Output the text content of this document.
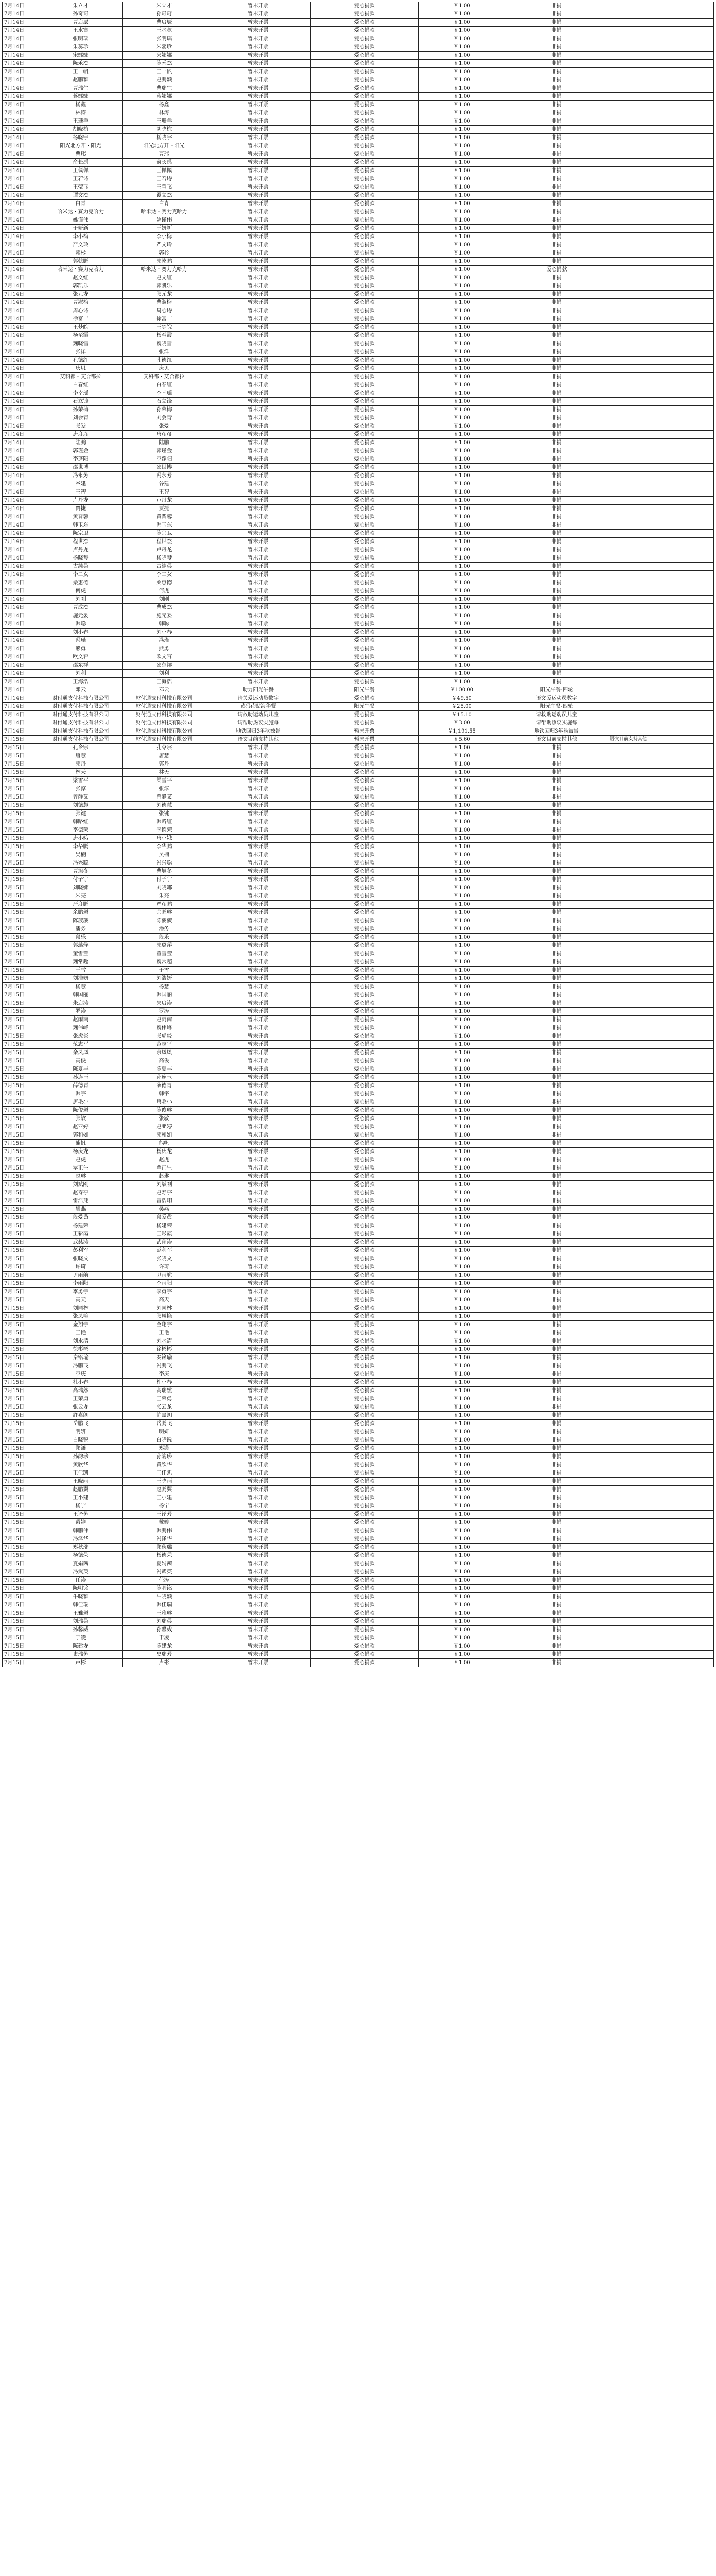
7月14日	朱立才	朱立才	暂未开票	爱心捐款	￥1.00	非捐	
7月14日	孙奇奇	孙奇奇	暂未开票	爱心捐款	￥1.00	非捐	
7月14日	曹启辰	曹启辰	暂未开票	爱心捐款	￥1.00	非捐	
7月14日	王水宽	王水宽	暂未开票	爱心捐款	￥1.00	非捐	
7月14日	张明瑶	张明瑶	暂未开票	爱心捐款	￥1.00	非捐	
7月14日	朱蕊珍	朱蕊珍	暂未开票	爱心捐款	￥1.00	非捐	
7月14日	宋娜娜	宋娜娜	暂未开票	爱心捐款	￥1.00	非捐	
7月14日	陈禾杰	陈禾杰	暂未开票	爱心捐款	￥1.00	非捐	
7月14日	王一帆	王一帆	暂未开票	爱心捐款	￥1.00	非捐	
7月14日	赵鹏颖	赵鹏颖	暂未开票	爱心捐款	￥1.00	非捐	
7月14日	曹瑞生	曹瑞生	暂未开票	爱心捐款	￥1.00	非捐	
7月14日	蒋娜娜	蒋娜娜	暂未开票	爱心捐款	￥1.00	非捐	
7月14日	杨鑫	杨鑫	暂未开票	爱心捐款	￥1.00	非捐	
7月14日	林涛	林涛	暂未开票	爱心捐款	￥1.00	非捐	
7月14日	王珊羊	王珊羊	暂未开票	爱心捐款	￥1.00	非捐	
7月14日	胡晓杭	胡晓杭	暂未开票	爱心捐款	￥1.00	非捐	
7月14日	杨晓宇	杨晓宇	暂未开票	爱心捐款	￥1.00	非捐	
7月14日	阳光北方开・阳光	阳光北方开・阳光	暂未开票	爱心捐款	￥1.00	非捐	
7月14日	曹玮	曹玮	暂未开票	爱心捐款	￥1.00	非捐	
7月14日	俞长禹	俞长禹	暂未开票	爱心捐款	￥1.00	非捐	
7月14日	王佩佩	王佩佩	暂未开票	爱心捐款	￥1.00	非捐	
7月14日	王若诗	王若诗	暂未开票	爱心捐款	￥1.00	非捐	
7月14日	王莹飞	王莹飞	暂未开票	爱心捐款	￥1.00	非捐	
7月14日	谭文杰	谭文杰	暂未开票	爱心捐款	￥1.00	非捐	
7月14日	白青	白青	暂未开票	爱心捐款	￥1.00	非捐	
7月14日	哈米达・赛力克哈力	哈米达・赛力克哈力	暂未开票	爱心捐款	￥1.00	非捐	
7月14日	姚谨伟	姚谨伟	暂未开票	爱心捐款	￥1.00	非捐	
7月14日	于妍新	于妍新	暂未开票	爱心捐款	￥1.00	非捐	
7月14日	李小梅	李小梅	暂未开票	爱心捐款	￥1.00	非捐	
7月14日	严文玲	严文玲	暂未开票	爱心捐款	￥1.00	非捐	
7月14日	郭杉	郭杉	暂未开票	爱心捐款	￥1.00	非捐	
7月14日	郭乾鹏	郭乾鹏	暂未开票	爱心捐款	￥1.00	非捐	
7月14日	哈米达・赛力克哈力	哈米达・赛力克哈力	暂未开票	爱心捐款	￥1.00	爱心捐款	
7月14日	赵文红	赵文红	暂未开票	爱心捐款	￥1.00	非捐	
7月14日	郭凯乐	郭凯乐	暂未开票	爱心捐款	￥1.00	非捐	
7月14日	张元龙	张元龙	暂未开票	爱心捐款	￥1.00	非捐	
7月14日	曹淑梅	曹淑梅	暂未开票	爱心捐款	￥1.00	非捐	
7月14日	周心诗	周心诗	暂未开票	爱心捐款	￥1.00	非捐	
7月14日	徐富丰	徐富丰	暂未开票	爱心捐款	￥1.00	非捐	
7月14日	王梦皖	王梦皖	暂未开票	爱心捐款	￥1.00	非捐	
7月14日	杨至霞	杨至霞	暂未开票	爱心捐款	￥1.00	非捐	
7月14日	魏晓雪	魏晓雪	暂未开票	爱心捐款	￥1.00	非捐	
7月14日	张洋	张洋	暂未开票	爱心捐款	￥1.00	非捐	
7月14日	孔德红	孔德红	暂未开票	爱心捐款	￥1.00	非捐	
7月14日	庆贝	庆贝	暂未开票	爱心捐款	￥1.00	非捐	
7月14日	艾科都・艾合都拉	艾科都・艾合都拉	暂未开票	爱心捐款	￥1.00	非捐	
7月14日	白春红	白春红	暂未开票	爱心捐款	￥1.00	非捐	
7月14日	李幸瑶	李幸瑶	暂未开票	爱心捐款	￥1.00	非捐	
7月14日	石立锋	石立锋	暂未开票	爱心捐款	￥1.00	非捐	
7月14日	孙荣梅	孙荣梅	暂未开票	爱心捐款	￥1.00	非捐	
7月14日	刘会青	刘会青	暂未开票	爱心捐款	￥1.00	非捐	
7月14日	张爱	张爱	暂未开票	爱心捐款	￥1.00	非捐	
7月14日	唐彦彦	唐彦彦	暂未开票	爱心捐款	￥1.00	非捐	
7月14日	陆鹏	陆鹏	暂未开票	爱心捐款	￥1.00	非捐	
7月14日	郭瑾金	郭瑾金	暂未开票	爱心捐款	￥1.00	非捐	
7月14日	李蓬阳	李蓬阳	暂未开票	爱心捐款	￥1.00	非捐	
7月14日	邵世博	邵世博	暂未开票	爱心捐款	￥1.00	非捐	
7月14日	冯永芳	冯永芳	暂未开票	爱心捐款	￥1.00	非捐	
7月14日	谷建	谷建	暂未开票	爱心捐款	￥1.00	非捐	
7月14日	王智	王智	暂未开票	爱心捐款	￥1.00	非捐	
7月14日	卢丹龙	卢丹龙	暂未开票	爱心捐款	￥1.00	非捐	
7月14日	贾捷	贾捷	暂未开票	爱心捐款	￥1.00	非捐	
7月14日	黄晋蓉	黄晋蓉	暂未开票	爱心捐款	￥1.00	非捐	
7月14日	韩玉东	韩玉东	暂未开票	爱心捐款	￥1.00	非捐	
7月14日	陈宗卫	陈宗卫	暂未开票	爱心捐款	￥1.00	非捐	
7月14日	程世杰	程世杰	暂未开票	爱心捐款	￥1.00	非捐	
7月14日	卢丹龙	卢丹龙	暂未开票	爱心捐款	￥1.00	非捐	
7月14日	杨晓琴	杨晓琴	暂未开票	爱心捐款	￥1.00	非捐	
7月14日	古純英	古純英	暂未开票	爱心捐款	￥1.00	非捐	
7月14日	李二女	李二女	暂未开票	爱心捐款	￥1.00	非捐	
7月14日	桑惠德	桑惠德	暂未开票	爱心捐款	￥1.00	非捐	
7月14日	何虎	何虎	暂未开票	爱心捐款	￥1.00	非捐	
7月14日	刘刚	刘刚	暂未开票	爱心捐款	￥1.00	非捐	
7月14日	曹成杰	曹成杰	暂未开票	爱心捐款	￥1.00	非捐	
7月14日	施元委	施元委	暂未开票	爱心捐款	￥1.00	非捐	
7月14日	韩聪	韩聪	暂未开票	爱心捐款	￥1.00	非捐	
7月14日	刘小春	刘小春	暂未开票	爱心捐款	￥1.00	非捐	
7月14日	冯瑾	冯瑾	暂未开票	爱心捐款	￥1.00	非捐	
7月14日	熊勇	熊勇	暂未开票	爱心捐款	￥1.00	非捐	
7月14日	欧文容	欧文容	暂未开票	爱心捐款	￥1.00	非捐	
7月14日	邵东祥	邵东祥	暂未开票	爱心捐款	￥1.00	非捐	
7月14日	刘利	刘利	暂未开票	爱心捐款	￥1.00	非捐	
7月14日	王海浩	王海浩	暂未开票	爱心捐款	￥1.00	非捐	
7月14日	邓云	邓云	助力阳光午餐	阳光午餐	￥100.00	阳光午餐-四轮	
7月14日	财付通支付科技有限公司	财付通支付科技有限公司	请关爱运动员数字	爱心捐款	￥49.50	语文爱运动员数字	
7月14日	财付通支付科技有限公司	财付通支付科技有限公司	黄码花贴海华餐	阳光午餐	￥25.00	阳光午餐-四轮	
7月14日	财付通支付科技有限公司	财付通支付科技有限公司	请救助运动员儿童	爱心捐款	￥15.10	请救助运动员儿童	
7月14日	财付通支付科技有限公司	财付通支付科技有限公司	请帮助热衷实施每	爱心捐款	￥3.00	请帮助热衷实施每	
7月14日	财付通支付科技有限公司	财付通支付科技有限公司	地铁回归3年秋被告	暂未开票	￥1,191.55	地铁回归3年秋被告	
7月15日	财付通支付科技有限公司	财付通支付科技有限公司	语文目前支持其他	暂未开票	￥5.60	语文目前支持其他	语文目前支持其他
7月15日	孔令宗	孔令宗	暂未开票	爱心捐款	￥1.00	非捐	
7月15日	唐慧	唐慧	暂未开票	爱心捐款	￥1.00	非捐	
7月15日	郭丹	郭丹	暂未开票	爱心捐款	￥1.00	非捐	
7月15日	林天	林天	暂未开票	爱心捐款	￥1.00	非捐	
7月15日	梁雪平	梁雪平	暂未开票	爱心捐款	￥1.00	非捐	
7月15日	张淳	张淳	暂未开票	爱心捐款	￥1.00	非捐	
7月15日	曾静艾	曾静艾	暂未开票	爱心捐款	￥1.00	非捐	
7月15日	刘德慧	刘德慧	暂未开票	爱心捐款	￥1.00	非捐	
7月15日	张键	张键	暂未开票	爱心捐款	￥1.00	非捐	
7月15日	韩路红	韩路红	暂未开票	爱心捐款	￥1.00	非捐	
7月15日	李德荣	李德荣	暂未开票	爱心捐款	￥1.00	非捐	
7月15日	唐小娥	唐小娥	暂未开票	爱心捐款	￥1.00	非捐	
7月15日	李华鹏	李华鹏	暂未开票	爱心捐款	￥1.00	非捐	
7月15日	吴楠	吴楠	暂未开票	爱心捐款	￥1.00	非捐	
7月15日	冯兴聪	冯兴聪	暂未开票	爱心捐款	￥1.00	非捐	
7月15日	曹旭冬	曹旭冬	暂未开票	爱心捐款	￥1.00	非捐	
7月15日	付子宇	付子宇	暂未开票	爱心捐款	￥1.00	非捐	
7月15日	刘晓娜	刘晓娜	暂未开票	爱心捐款	￥1.00	非捐	
7月15日	朱亮	朱亮	暂未开票	爱心捐款	￥1.00	非捐	
7月15日	严彦鹏	严彦鹏	暂未开票	爱心捐款	￥1.00	非捐	
7月15日	余鹏琳	余鹏琳	暂未开票	爱心捐款	￥1.00	非捐	
7月15日	陈菠菠	陈菠菠	暂未开票	爱心捐款	￥1.00	非捐	
7月15日	潘务	潘务	暂未开票	爱心捐款	￥1.00	非捐	
7月15日	段乐	段乐	暂未开票	爱心捐款	￥1.00	非捐	
7月15日	郭璐萍	郭璐萍	暂未开票	爱心捐款	￥1.00	非捐	
7月15日	董雪莹	董雪莹	暂未开票	爱心捐款	￥1.00	非捐	
7月15日	魏常超	魏常超	暂未开票	爱心捐款	￥1.00	非捐	
7月15日	于雪	于雪	暂未开票	爱心捐款	￥1.00	非捐	
7月15日	刘浩妍	刘浩妍	暂未开票	爱心捐款	￥1.00	非捐	
7月15日	杨慧	杨慧	暂未开票	爱心捐款	￥1.00	非捐	
7月15日	韩国丽	韩国丽	暂未开票	爱心捐款	￥1.00	非捐	
7月15日	朱启涛	朱启涛	暂未开票	爱心捐款	￥1.00	非捐	
7月15日	罗涛	罗涛	暂未开票	爱心捐款	￥1.00	非捐	
7月15日	赵雨南	赵雨南	暂未开票	爱心捐款	￥1.00	非捐	
7月15日	魏伟峰	魏伟峰	暂未开票	爱心捐款	￥1.00	非捐	
7月15日	张虎炎	张虎炎	暂未开票	爱心捐款	￥1.00	非捐	
7月15日	范志平	范志平	暂未开票	爱心捐款	￥1.00	非捐	
7月15日	余凤凤	余凤凤	暂未开票	爱心捐款	￥1.00	非捐	
7月15日	高俊	高俊	暂未开票	爱心捐款	￥1.00	非捐	
7月15日	陈夏丰	陈夏丰	暂未开票	爱心捐款	￥1.00	非捐	
7月15日	孙连玉	孙连玉	暂未开票	爱心捐款	￥1.00	非捐	
7月15日	薛德青	薛德青	暂未开票	爱心捐款	￥1.00	非捐	
7月15日	韩宇	韩宇	暂未开票	爱心捐款	￥1.00	非捐	
7月15日	唐毛小	唐毛小	暂未开票	爱心捐款	￥1.00	非捐	
7月15日	陈俊琳	陈俊琳	暂未开票	爱心捐款	￥1.00	非捐	
7月15日	张敏	张敏	暂未开票	爱心捐款	￥1.00	非捐	
7月15日	赵亚婷	赵亚婷	暂未开票	爱心捐款	￥1.00	非捐	
7月15日	郭和如	郭和如	暂未开票	爱心捐款	￥1.00	非捐	
7月15日	熊帆	熊帆	暂未开票	爱心捐款	￥1.00	非捐	
7月15日	杨庆龙	杨庆龙	暂未开票	爱心捐款	￥1.00	非捐	
7月15日	赵虎	赵虎	暂未开票	爱心捐款	￥1.00	非捐	
7月15日	覃正生	覃正生	暂未开票	爱心捐款	￥1.00	非捐	
7月15日	赵琳	赵琳	暂未开票	爱心捐款	￥1.00	非捐	
7月15日	刘斌刚	刘斌刚	暂未开票	爱心捐款	￥1.00	非捐	
7月15日	赵寿亭	赵寿亭	暂未开票	爱心捐款	￥1.00	非捐	
7月15日	雷浩翔	雷浩翔	暂未开票	爱心捐款	￥1.00	非捐	
7月15日	樊燕	樊燕	暂未开票	爱心捐款	￥1.00	非捐	
7月15日	段爱黄	段爱黄	暂未开票	爱心捐款	￥1.00	非捐	
7月15日	杨建荣	杨建荣	暂未开票	爱心捐款	￥1.00	非捐	
7月15日	王彩霞	王彩霞	暂未开票	爱心捐款	￥1.00	非捐	
7月15日	武慈涛	武慈涛	暂未开票	爱心捐款	￥1.00	非捐	
7月15日	彭利军	彭利军	暂未开票	爱心捐款	￥1.00	非捐	
7月15日	张晓文	张晓文	暂未开票	爱心捐款	￥1.00	非捐	
7月15日	许琦	许琦	暂未开票	爱心捐款	￥1.00	非捐	
7月15日	尹雨航	尹雨航	暂未开票	爱心捐款	￥1.00	非捐	
7月15日	李雨阳	李雨阳	暂未开票	爱心捐款	￥1.00	非捐	
7月15日	李勇宇	李勇宇	暂未开票	爱心捐款	￥1.00	非捐	
7月15日	高天	高天	暂未开票	爱心捐款	￥1.00	非捐	
7月15日	刘同林	刘同林	暂未开票	爱心捐款	￥1.00	非捐	
7月15日	张凤艳	张凤艳	暂未开票	爱心捐款	￥1.00	非捐	
7月15日	金翔宇	金翔宇	暂未开票	爱心捐款	￥1.00	非捐	
7月15日	王艳	王艳	暂未开票	爱心捐款	￥1.00	非捐	
7月15日	刘水清	刘水清	暂未开票	爱心捐款	￥1.00	非捐	
7月15日	徐彬彬	徐彬彬	暂未开票	爱心捐款	￥1.00	非捐	
7月15日	秦铭瑜	秦铭瑜	暂未开票	爱心捐款	￥1.00	非捐	
7月15日	冯鹏飞	冯鹏飞	暂未开票	爱心捐款	￥1.00	非捐	
7月15日	李庆	李庆	暂未开票	爱心捐款	￥1.00	非捐	
7月15日	杜小春	杜小春	暂未开票	爱心捐款	￥1.00	非捐	
7月15日	高瑞然	高瑞然	暂未开票	爱心捐款	￥1.00	非捐	
7月15日	王荣勇	王荣勇	暂未开票	爱心捐款	￥1.00	非捐	
7月15日	张云龙	张云龙	暂未开票	爱心捐款	￥1.00	非捐	
7月15日	許嘉朗	許嘉朗	暂未开票	爱心捐款	￥1.00	非捐	
7月15日	岳鹏飞	岳鹏飞	暂未开票	爱心捐款	￥1.00	非捐	
7月15日	明妍	明妍	暂未开票	爱心捐款	￥1.00	非捐	
7月15日	白晓锐	白晓锐	暂未开票	爱心捐款	￥1.00	非捐	
7月15日	郑潇	郑潇	暂未开票	爱心捐款	￥1.00	非捐	
7月15日	孙韵珍	孙韵珍	暂未开票	爱心捐款	￥1.00	非捐	
7月15日	黄欣华	黄欣华	暂未开票	爱心捐款	￥1.00	非捐	
7月15日	王佳凯	王佳凯	暂未开票	爱心捐款	￥1.00	非捐	
7月15日	王晓雨	王晓雨	暂未开票	爱心捐款	￥1.00	非捐	
7月15日	赵鹏翼	赵鹏翼	暂未开票	爱心捐款	￥1.00	非捐	
7月15日	王小建	王小建	暂未开票	爱心捐款	￥1.00	非捐	
7月15日	杨宁	杨宁	暂未开票	爱心捐款	￥1.00	非捐	
7月15日	王译芳	王译芳	暂未开票	爱心捐款	￥1.00	非捐	
7月15日	戴婷	戴婷	暂未开票	爱心捐款	￥1.00	非捐	
7月15日	韩鹏伟	韩鹏伟	暂未开票	爱心捐款	￥1.00	非捐	
7月15日	冯泽华	冯泽华	暂未开票	爱心捐款	￥1.00	非捐	
7月15日	郑秋瑞	郑秋瑞	暂未开票	爱心捐款	￥1.00	非捐	
7月15日	杨德荣	杨德荣	暂未开票	爱心捐款	￥1.00	非捐	
7月15日	夏娟茜	夏娟茜	暂未开票	爱心捐款	￥1.00	非捐	
7月15日	冯武英	冯武英	暂未开票	爱心捐款	￥1.00	非捐	
7月15日	任涛	任涛	暂未开票	爱心捐款	￥1.00	非捐	
7月15日	陈明铭	陈明铭	暂未开票	爱心捐款	￥1.00	非捐	
7月15日	牛晓颖	牛晓颖	暂未开票	爱心捐款	￥1.00	非捐	
7月15日	韩佳瑞	韩佳瑞	暂未开票	爱心捐款	￥1.00	非捐	
7月15日	王雅琳	王雅琳	暂未开票	爱心捐款	￥1.00	非捐	
7月15日	刘瑞英	刘瑞英	暂未开票	爱心捐款	￥1.00	非捐	
7月15日	孙馨威	孙馨威	暂未开票	爱心捐款	￥1.00	非捐	
7月15日	于凌	于凌	暂未开票	爱心捐款	￥1.00	非捐	
7月15日	陈建龙	陈建龙	暂未开票	爱心捐款	￥1.00	非捐	
7月15日	史瑞芳	史瑞芳	暂未开票	爱心捐款	￥1.00	非捐	
7月15日	卢彬	卢彬	暂未开票	爱心捐款	￥1.00	非捐	
